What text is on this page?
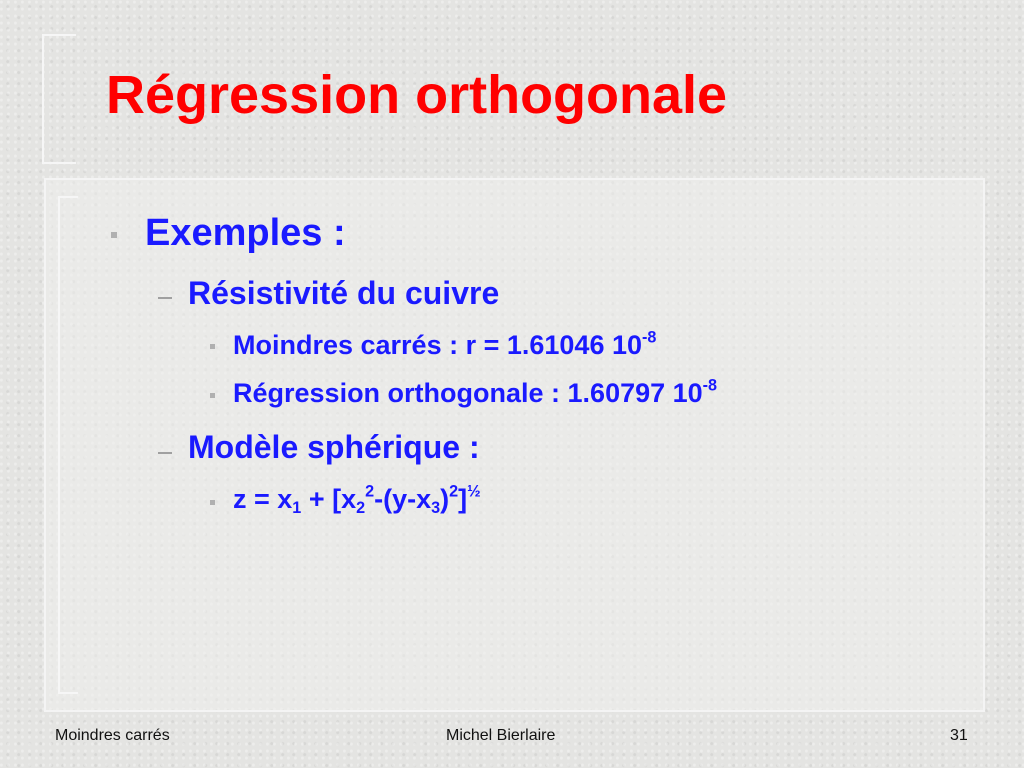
Régression orthogonale
Exemples :
Résistivité du cuivre
Moindres carrés : r = 1.61046 $10^{-8}$
Régression orthogonale : 1.60797 $10^{-8}$
Modèle sphérique :
$z = x_1 + [x_2^2-(y-x_3)^2]^{\frac{1}{2}}$
Moindres carrés	Michel Bierlaire	31
